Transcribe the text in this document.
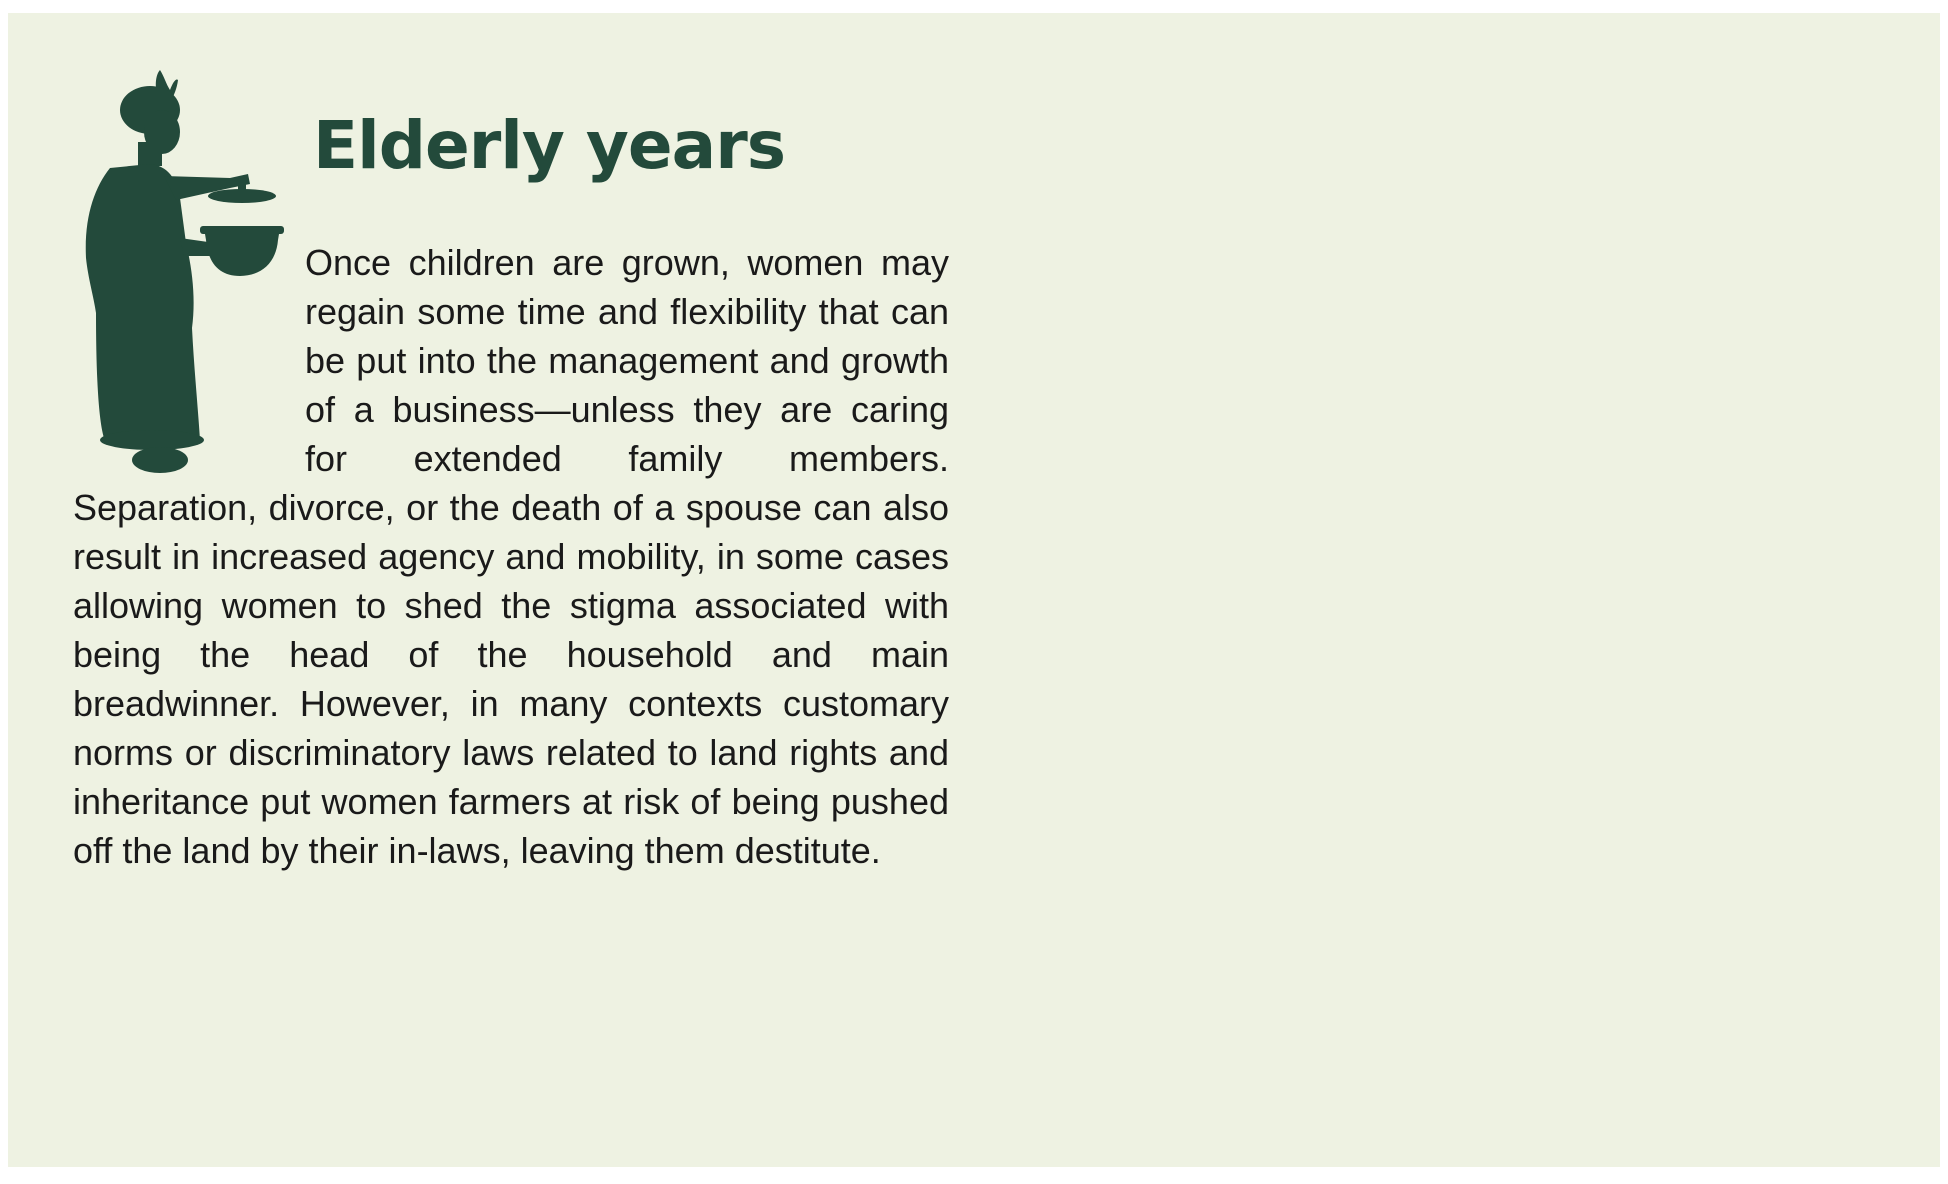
Elderly years

Once children are grown, women may regain some time and flexibility that can be put into the management and growth of a business—unless they are caring for extended family members. Separation, divorce, or the death of a spouse can also result in increased agency and mobility, in some cases allowing women to shed the stigma associated with being the head of the household and main breadwinner. However, in many contexts customary norms or discriminatory laws related to land rights and inheritance put women farmers at risk of being pushed off the land by their in-laws, leaving them destitute.
